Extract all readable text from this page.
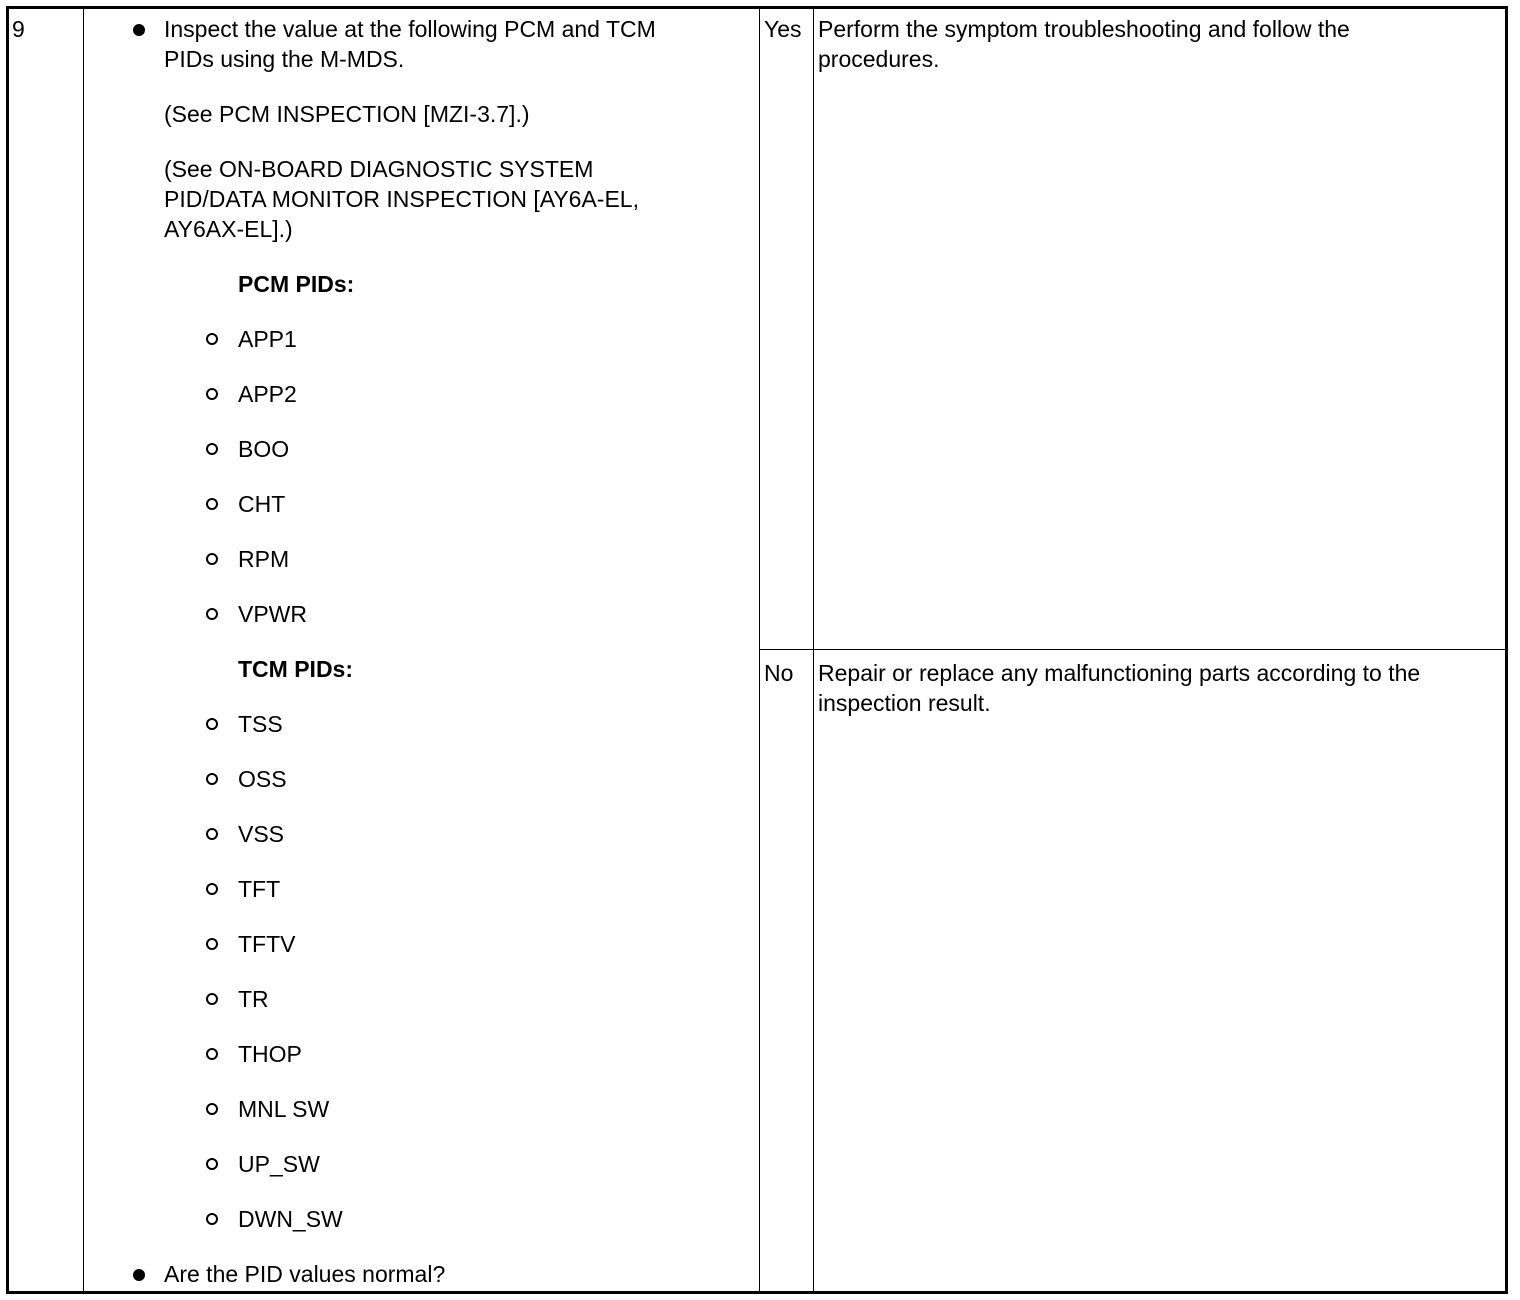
9	Inspect the value at the following PCM and TCM
PIDs using the M-MDS.
(See PCM INSPECTION [MZI-3.7].)
(See ON-BOARD DIAGNOSTIC SYSTEM
PID/DATA MONITOR INSPECTION [AY6A-EL,
AY6AX-EL].)
PCM PIDs:
APP1
APP2
BOO
CHT
RPM
VPWR
TCM PIDs:
TSS
OSS
VSS
TFT
TFTV
TR
THOP
MNL SW
UP_SW
DWN_SW
Are the PID values normal?
Yes Perform the symptom troubleshooting and follow the
procedures.
No Repair or replace any malfunctioning parts according to the
inspection result.
